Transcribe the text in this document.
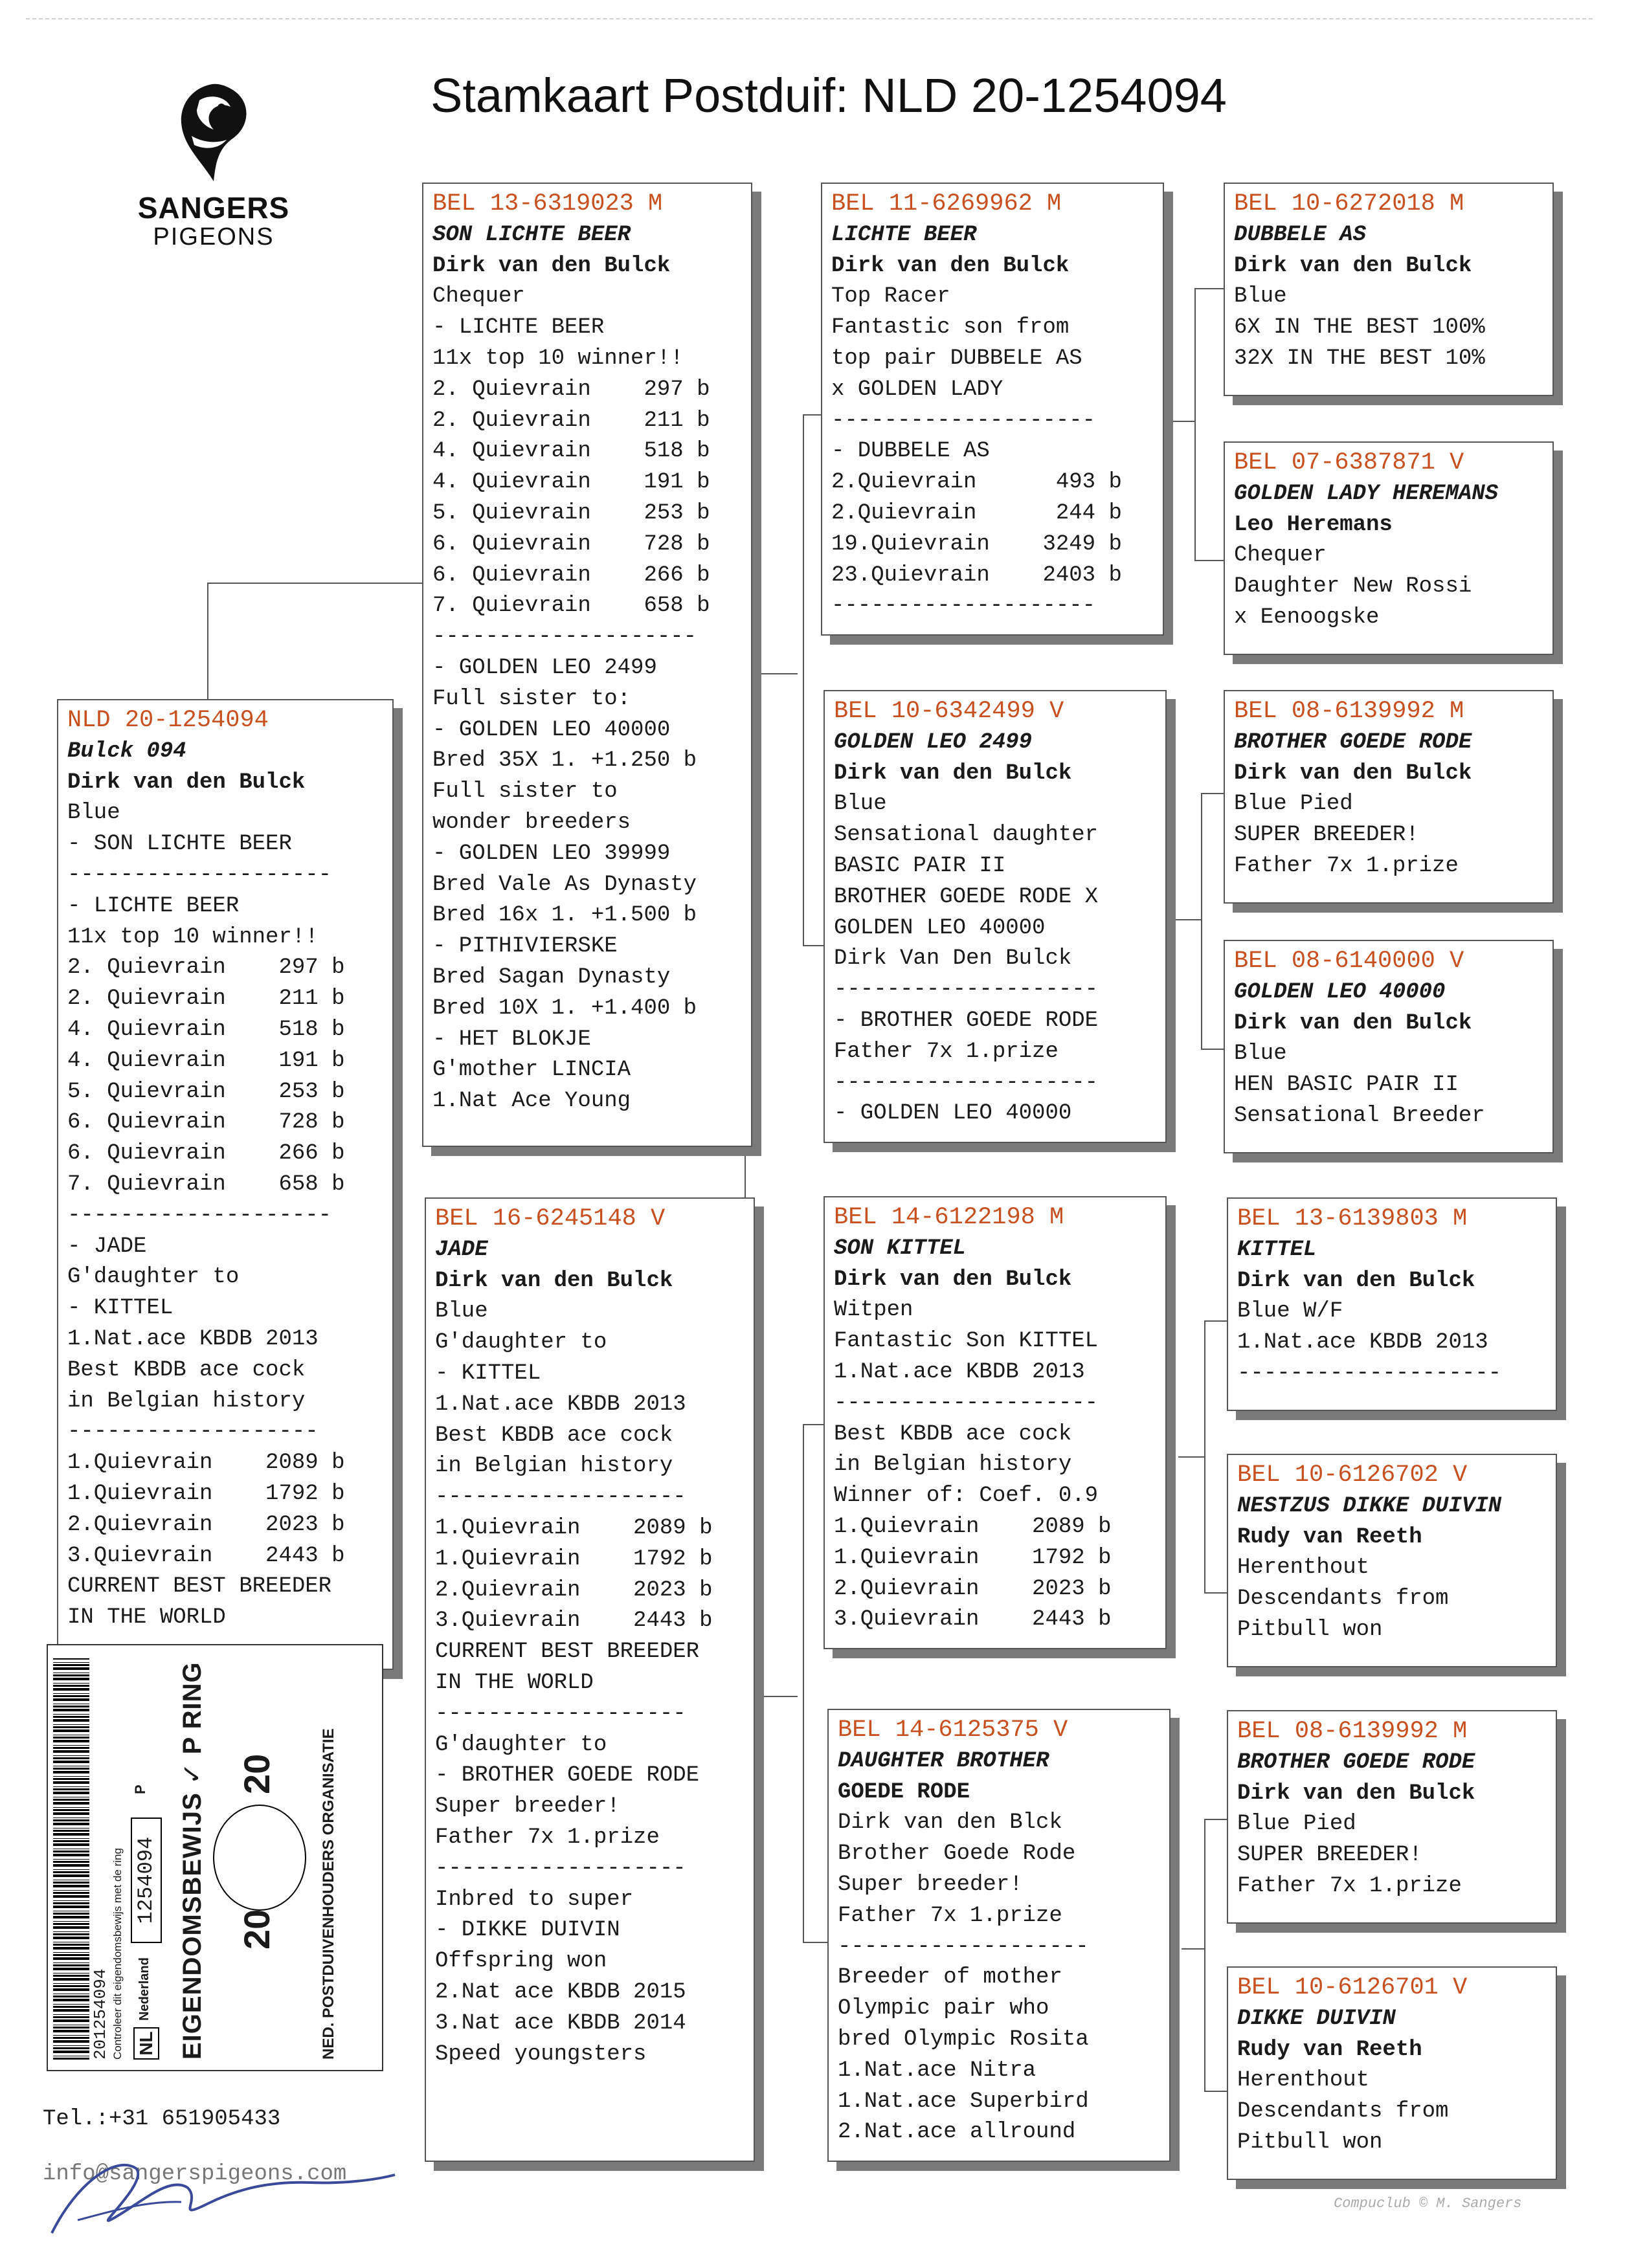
SANGERS
PIGEONS
Stamkaart Postduif: NLD 20-1254094
NLD 20-1254094
Bulck 094
Dirk van den Bulck
Blue
- SON LICHTE BEER
--------------------
- LICHTE BEER
11x top 10 winner!!
2. Quievrain    297 b
2. Quievrain    211 b
4. Quievrain    518 b
4. Quievrain    191 b
5. Quievrain    253 b
6. Quievrain    728 b
6. Quievrain    266 b
7. Quievrain    658 b
--------------------
- JADE
G'daughter to
- KITTEL
1.Nat.ace KBDB 2013
Best KBDB ace cock
in Belgian history
-------------------
1.Quievrain    2089 b
1.Quievrain    1792 b
2.Quievrain    2023 b
3.Quievrain    2443 b
CURRENT BEST BREEDER
IN THE WORLD
BEL 13-6319023 M
SON LICHTE BEER
Dirk van den Bulck
Chequer
- LICHTE BEER
11x top 10 winner!!
2. Quievrain    297 b
2. Quievrain    211 b
4. Quievrain    518 b
4. Quievrain    191 b
5. Quievrain    253 b
6. Quievrain    728 b
6. Quievrain    266 b
7. Quievrain    658 b
--------------------
- GOLDEN LEO 2499
Full sister to:
- GOLDEN LEO 40000
Bred 35X 1. +1.250 b
Full sister to
wonder breeders
- GOLDEN LEO 39999
Bred Vale As Dynasty
Bred 16x 1. +1.500 b
- PITHIVIERSKE
Bred Sagan Dynasty
Bred 10X 1. +1.400 b
- HET BLOKJE
G'mother LINCIA
1.Nat Ace Young
BEL 16-6245148 V
JADE
Dirk van den Bulck
Blue
G'daughter to
- KITTEL
1.Nat.ace KBDB 2013
Best KBDB ace cock
in Belgian history
-------------------
1.Quievrain    2089 b
1.Quievrain    1792 b
2.Quievrain    2023 b
3.Quievrain    2443 b
CURRENT BEST BREEDER
IN THE WORLD
-------------------
G'daughter to
- BROTHER GOEDE RODE
Super breeder!
Father 7x 1.prize
-------------------
Inbred to super
- DIKKE DUIVIN
Offspring won
2.Nat ace KBDB 2015
3.Nat ace KBDB 2014
Speed youngsters
BEL 11-6269962 M
LICHTE BEER
Dirk van den Bulck
Top Racer
Fantastic son from
top pair DUBBELE AS
x GOLDEN LADY
--------------------
- DUBBELE AS
2.Quievrain      493 b
2.Quievrain      244 b
19.Quievrain    3249 b
23.Quievrain    2403 b
--------------------
BEL 10-6342499 V
GOLDEN LEO 2499
Dirk van den Bulck
Blue
Sensational daughter
BASIC PAIR II
BROTHER GOEDE RODE X
GOLDEN LEO 40000
Dirk Van Den Bulck
--------------------
- BROTHER GOEDE RODE
Father 7x 1.prize
--------------------
- GOLDEN LEO 40000
BEL 14-6122198 M
SON KITTEL
Dirk van den Bulck
Witpen
Fantastic Son KITTEL
1.Nat.ace KBDB 2013
--------------------
Best KBDB ace cock
in Belgian history
Winner of: Coef. 0.9
1.Quievrain    2089 b
1.Quievrain    1792 b
2.Quievrain    2023 b
3.Quievrain    2443 b
BEL 14-6125375 V
DAUGHTER BROTHER
GOEDE RODE
Dirk van den Blck
Brother Goede Rode
Super breeder!
Father 7x 1.prize
-------------------
Breeder of mother
Olympic pair who
bred Olympic Rosita
1.Nat.ace Nitra
1.Nat.ace Superbird
2.Nat.ace allround
BEL 10-6272018 M
DUBBELE AS
Dirk van den Bulck
Blue
6X IN THE BEST 100%
32X IN THE BEST 10%
BEL 07-6387871 V
GOLDEN LADY HEREMANS
Leo Heremans
Chequer
Daughter New Rossi
x Eenoogske
BEL 08-6139992 M
BROTHER GOEDE RODE
Dirk van den Bulck
Blue Pied
SUPER BREEDER!
Father 7x 1.prize
BEL 08-6140000 V
GOLDEN LEO 40000
Dirk van den Bulck
Blue
HEN BASIC PAIR II
Sensational Breeder
BEL 13-6139803 M
KITTEL
Dirk van den Bulck
Blue W/F
1.Nat.ace KBDB 2013
--------------------
BEL 10-6126702 V
NESTZUS DIKKE DUIVIN
Rudy van Reeth
Herenthout
Descendants from
Pitbull won
BEL 08-6139992 M
BROTHER GOEDE RODE
Dirk van den Bulck
Blue Pied
SUPER BREEDER!
Father 7x 1.prize
BEL 10-6126701 V
DIKKE DUIVIN
Rudy van Reeth
Herenthout
Descendants from
Pitbull won
201254094 Controleer dit eigendomsbewijs met de ring NL
Nederland
1254094
P EIGENDOMSBEWIJS ✓ P RING 20
20	NED. POSTDUIVENHOUDERS ORGANISATIE
Tel.:+31 651905433
info@sangerspigeons.com
Compuclub © M. Sangers
